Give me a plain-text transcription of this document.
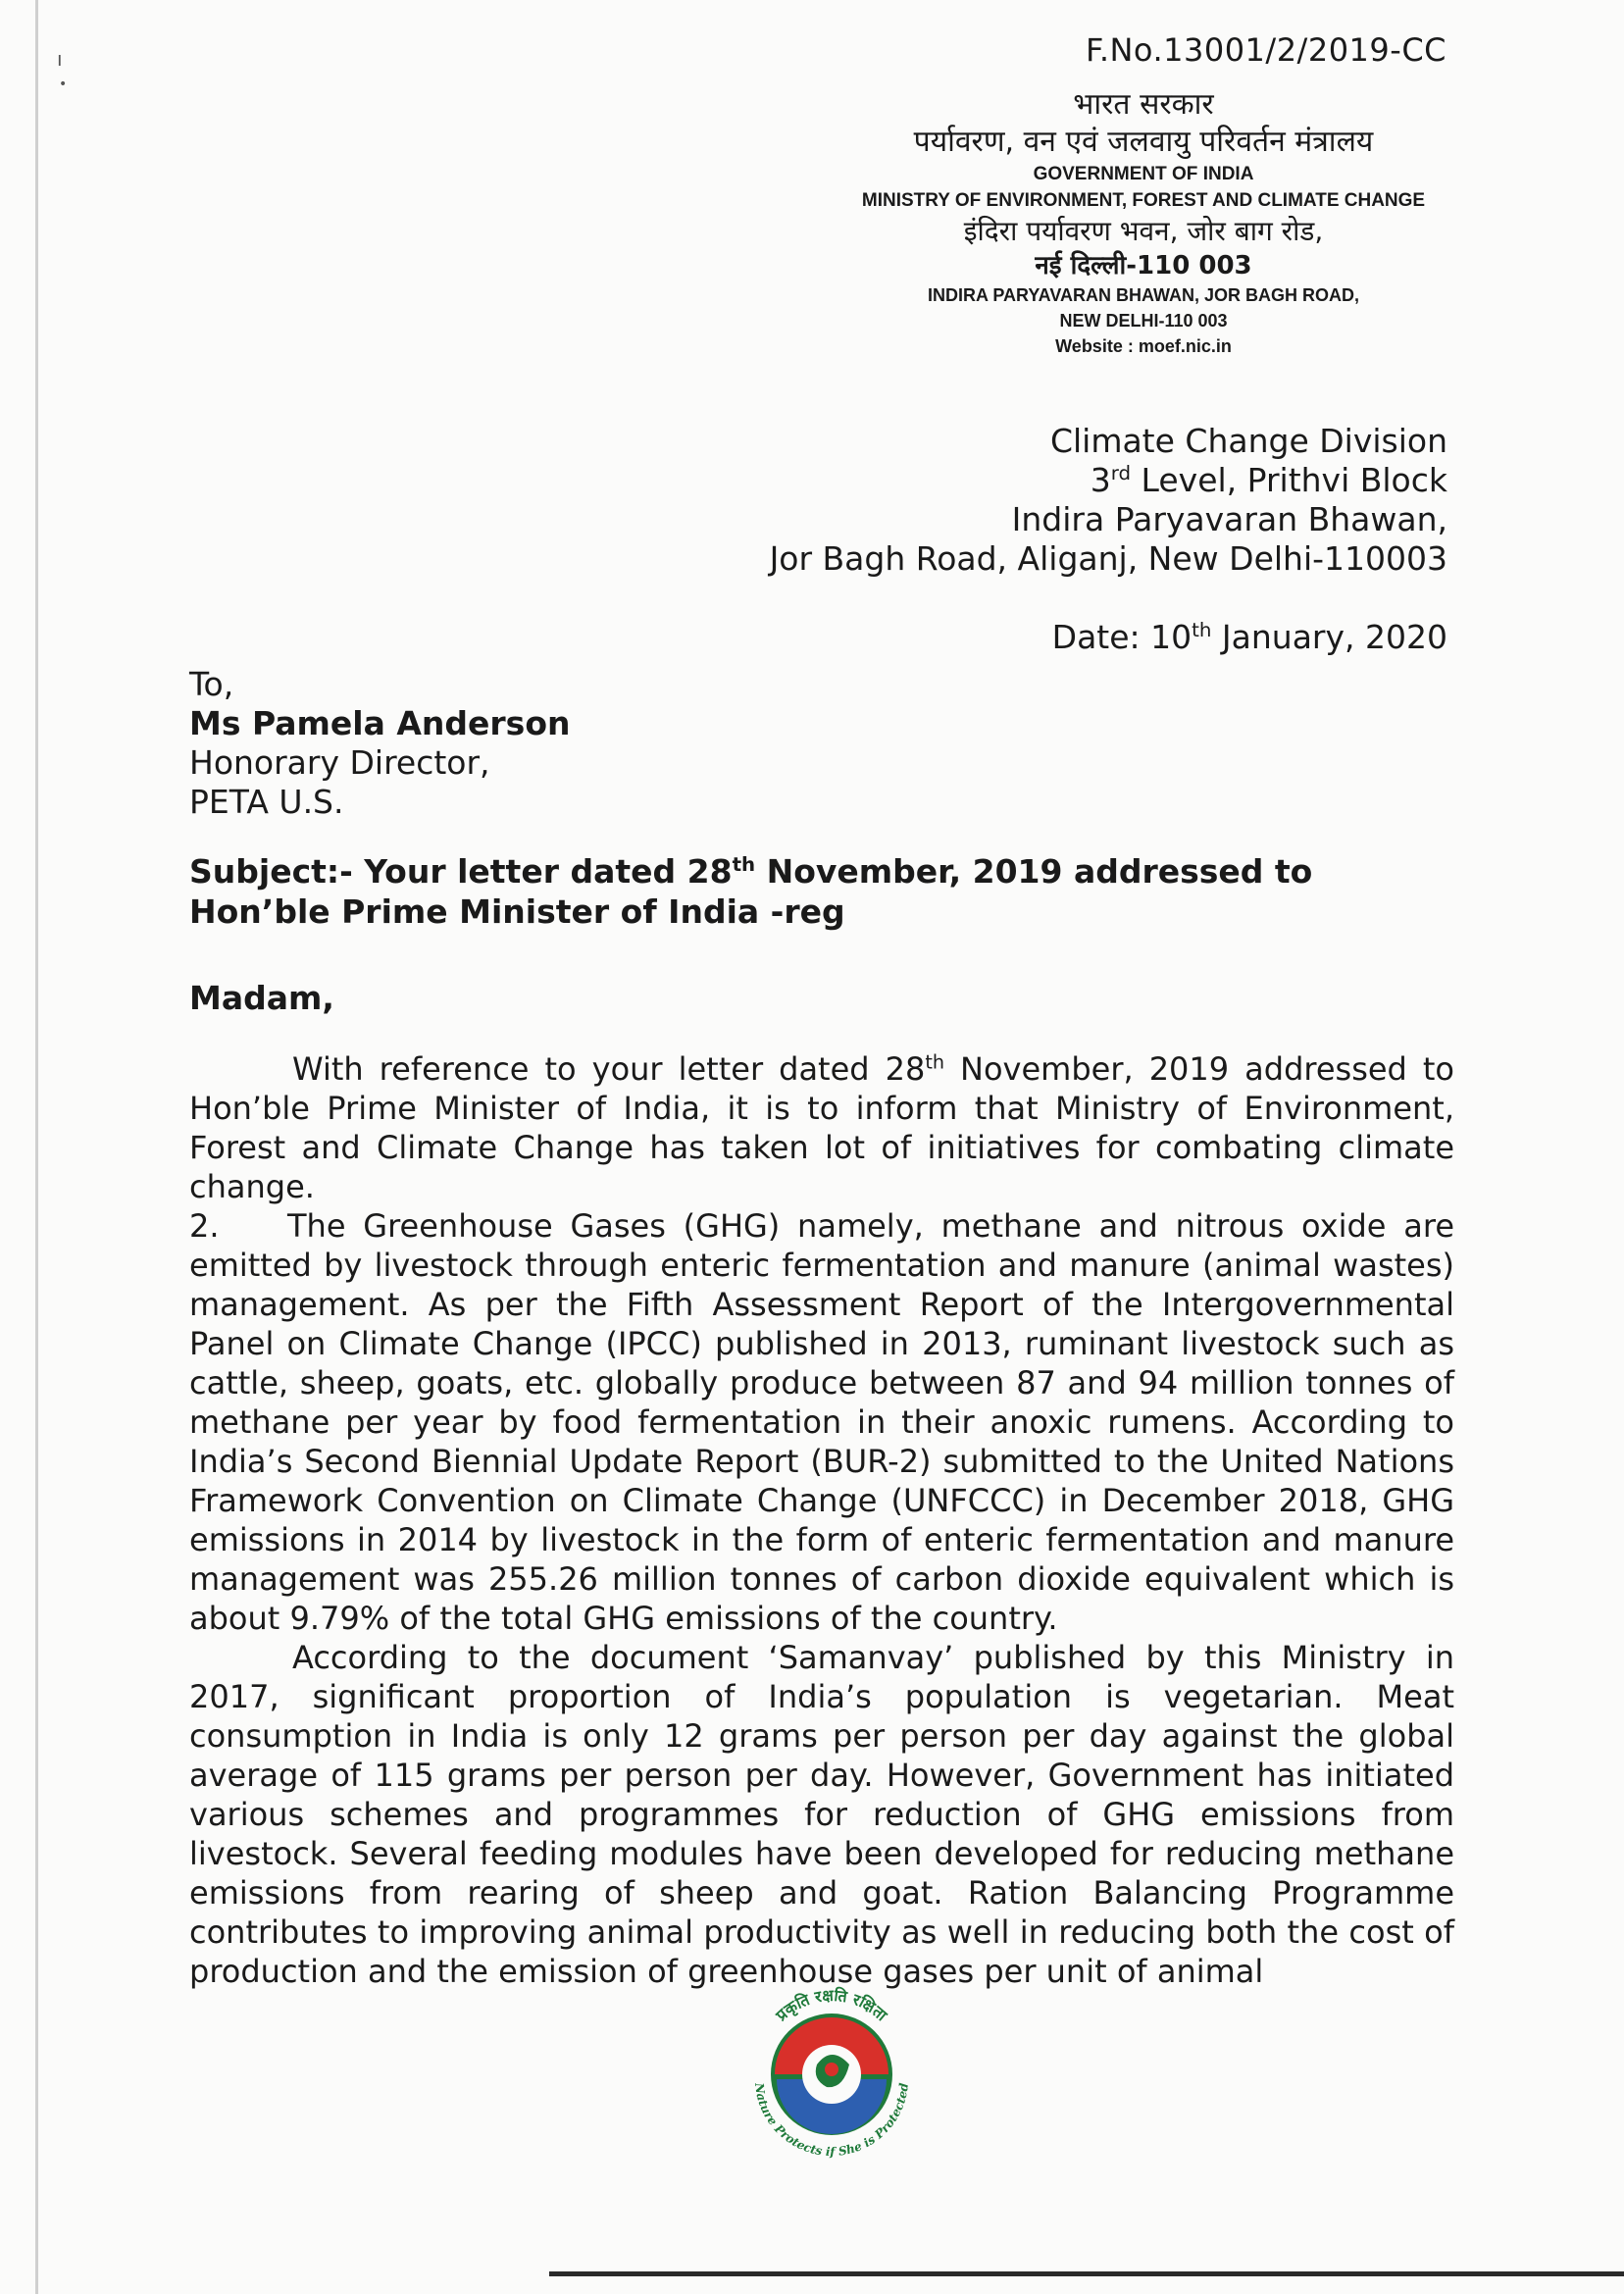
ı
•
F.No.13001/2/2019-CC
भारत सरकार
पर्यावरण, वन एवं जलवायु परिवर्तन मंत्रालय
GOVERNMENT OF INDIA
MINISTRY OF ENVIRONMENT, FOREST AND CLIMATE CHANGE
इंदिरा पर्यावरण भवन, जोर बाग रोड,
नई दिल्ली-110 003
INDIRA PARYAVARAN BHAWAN, JOR BAGH ROAD,
NEW DELHI-110 003
Website : moef.nic.in
Climate Change Division
3rd Level, Prithvi Block
Indira Paryavaran Bhawan,
Jor Bagh Road, Aliganj, New Delhi-110003
Date: 10th January, 2020
To,
Ms Pamela Anderson
Honorary Director,
PETA U.S.
Subject:- Your letter dated 28th November, 2019 addressed to Hon’ble Prime Minister of India -reg
Madam,
With reference to your letter dated 28th November, 2019 addressed to Hon’ble Prime Minister of India, it is to inform that Ministry of Environment, Forest and Climate Change has taken lot of initiatives for combating climate change.
2. The Greenhouse Gases (GHG) namely, methane and nitrous oxide are emitted by livestock through enteric fermentation and manure (animal wastes) management. As per the Fifth Assessment Report of the Intergovernmental Panel on Climate Change (IPCC) published in 2013, ruminant livestock such as cattle, sheep, goats, etc. globally produce between 87 and 94 million tonnes of methane per year by food fermentation in their anoxic rumens. According to India’s Second Biennial Update Report (BUR-2) submitted to the United Nations Framework Convention on Climate Change (UNFCCC) in December 2018, GHG emissions in 2014 by livestock in the form of enteric fermentation and manure management was 255.26 million tonnes of carbon dioxide equivalent which is about 9.79% of the total GHG emissions of the country.
According to the document ‘Samanvay’ published by this Ministry in 2017, significant proportion of India’s population is vegetarian. Meat consumption in India is only 12 grams per person per day against the global average of 115 grams per person per day. However, Government has initiated various schemes and programmes for reduction of GHG emissions from livestock. Several feeding modules have been developed for reducing methane emissions from rearing of sheep and goat. Ration Balancing Programme contributes to improving animal productivity as well in reducing both the cost of production and the emission of greenhouse gases per unit of animal
प्रकृति रक्षति रक्षिता
Nature Protects if She is Protected
